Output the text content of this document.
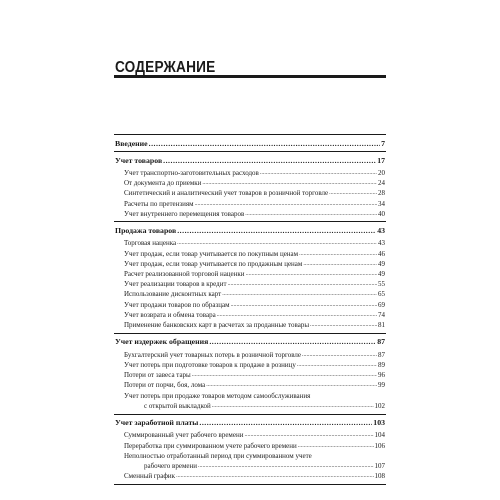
СОДЕРЖАНИЕ
Введение .....	7
Учет товаров .....	17
Учет транспортно-заготовительных расходов .....	20
От документа до приемки .....	24
Синтетический и аналитический учет товаров в розничной торговле .....	28
Расчеты по претензиям .....	34
Учет внутреннего перемещения товаров .....	40
Продажа товаров .....	43
Торговая наценка .....	43
Учет продаж, если товар учитывается по покупным ценам .....	46
Учет продаж, если товар учитывается по продажным ценам .....	49
Расчет реализованной торговой наценки .....	49
Учет реализации товаров в кредит .....	55
Использование дисконтных карт .....	65
Учет продажи товаров по образцам .....	69
Учет возврата и обмена товара .....	74
Применение банковских карт в расчетах за проданные товары .....	81
Учет издержек обращения .....	87
Бухгалтерский учет товарных потерь в розничной торговле .....	87
Учет потерь при подготовке товаров к продаже в розницу .....	89
Потери от завеса тары .....	96
Потери от порчи, боя, лома .....	99
Учет потерь при продаже товаров методом самообслуживания
с открытой выкладкой .....	102
Учет заработной платы .....	103
Суммированный учет рабочего времени .....	104
Переработка при суммированном учете рабочего времени .....	106
Неполностью отработанный период при суммированном учете
рабочего времени .....	107
Сменный график .....	108
